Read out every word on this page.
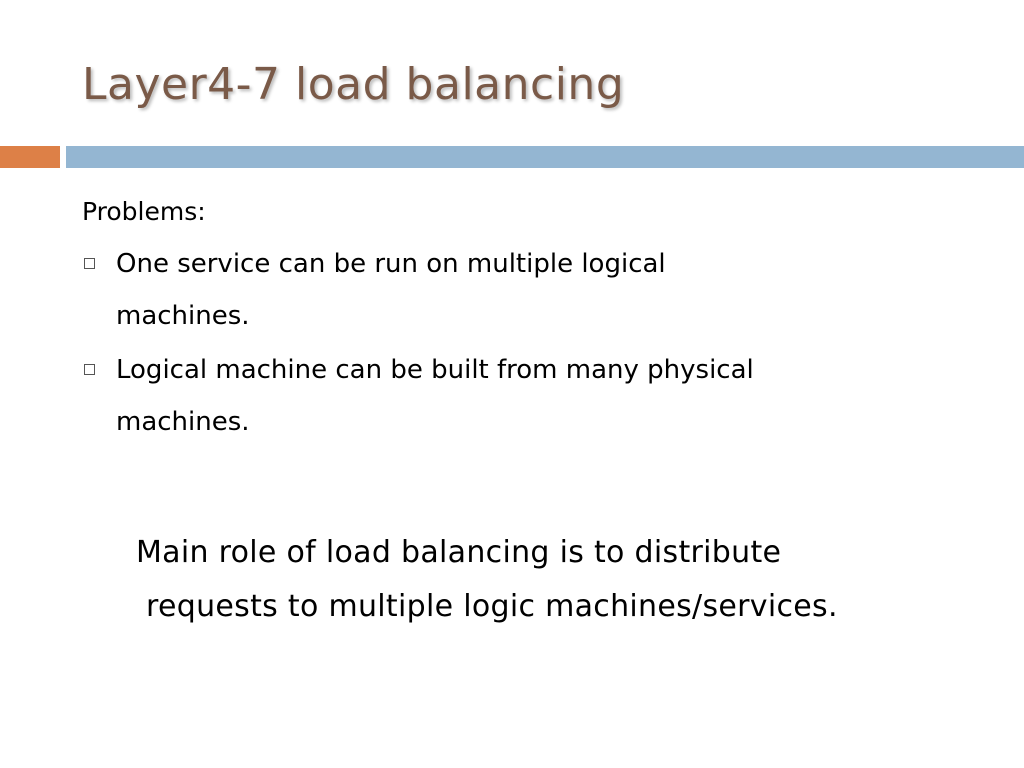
Layer4-7 load balancing
Problems:
One service can be run on multiple logical
machines.
Logical machine can be built from many physical
machines.
Main role of load balancing is to distribute
requests to multiple logic machines/services.
